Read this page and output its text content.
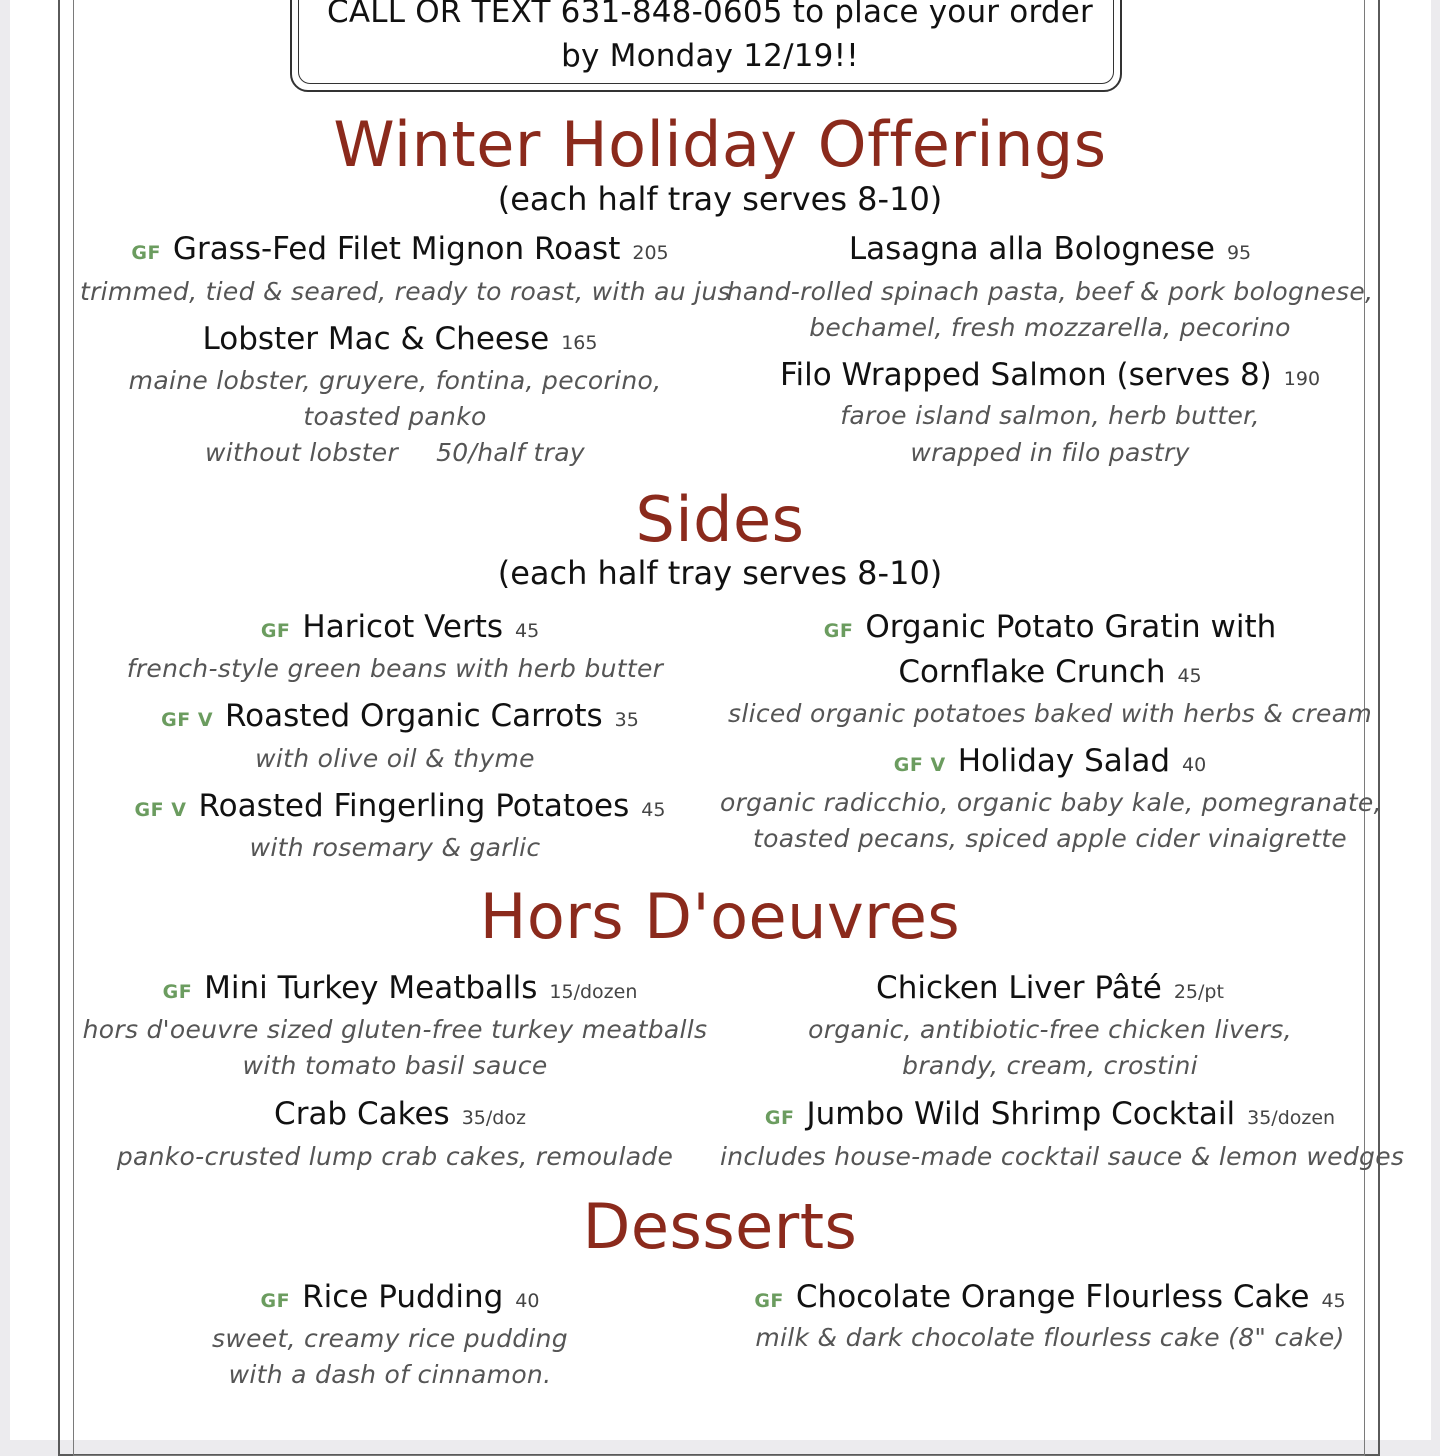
CALL OR TEXT 631-848-0605 to place your order
by Monday 12/19!!
Winter Holiday Offerings
(each half tray serves 8-10)
GF Grass-Fed Filet Mignon Roast 205
trimmed, tied & seared, ready to roast, with au jus
Lasagna alla Bolognese 95
hand-rolled spinach pasta, beef & pork bolognese,
bechamel, fresh mozzarella, pecorino
Lobster Mac & Cheese 165
maine lobster, gruyere, fontina, pecorino,
toasted panko
without lobster 50/half tray
Filo Wrapped Salmon (serves 8) 190
faroe island salmon, herb butter,
wrapped in filo pastry
Sides
(each half tray serves 8-10)
GF Haricot Verts 45
french-style green beans with herb butter
GF Organic Potato Gratin with
Cornflake Crunch 45
sliced organic potatoes baked with herbs & cream
GF V Roasted Organic Carrots 35
with olive oil & thyme	GF V Holiday Salad 40
organic radicchio, organic baby kale, pomegranate,
toasted pecans, spiced apple cider vinaigrette
GF V Roasted Fingerling Potatoes 45
with rosemary & garlic
Hors D'oeuvres
GF Mini Turkey Meatballs 15/dozen
hors d'oeuvre sized gluten-free turkey meatballs
with tomato basil sauce
Chicken Liver Pâté 25/pt
organic, antibiotic-free chicken livers,
brandy, cream, crostini
Crab Cakes 35/doz
panko-crusted lump crab cakes, remoulade
GF Jumbo Wild Shrimp Cocktail 35/dozen
includes house-made cocktail sauce & lemon wedges
Desserts
GF Rice Pudding 40
sweet, creamy rice pudding
with a dash of cinnamon.
GF Chocolate Orange Flourless Cake 45
milk & dark chocolate flourless cake (8" cake)
